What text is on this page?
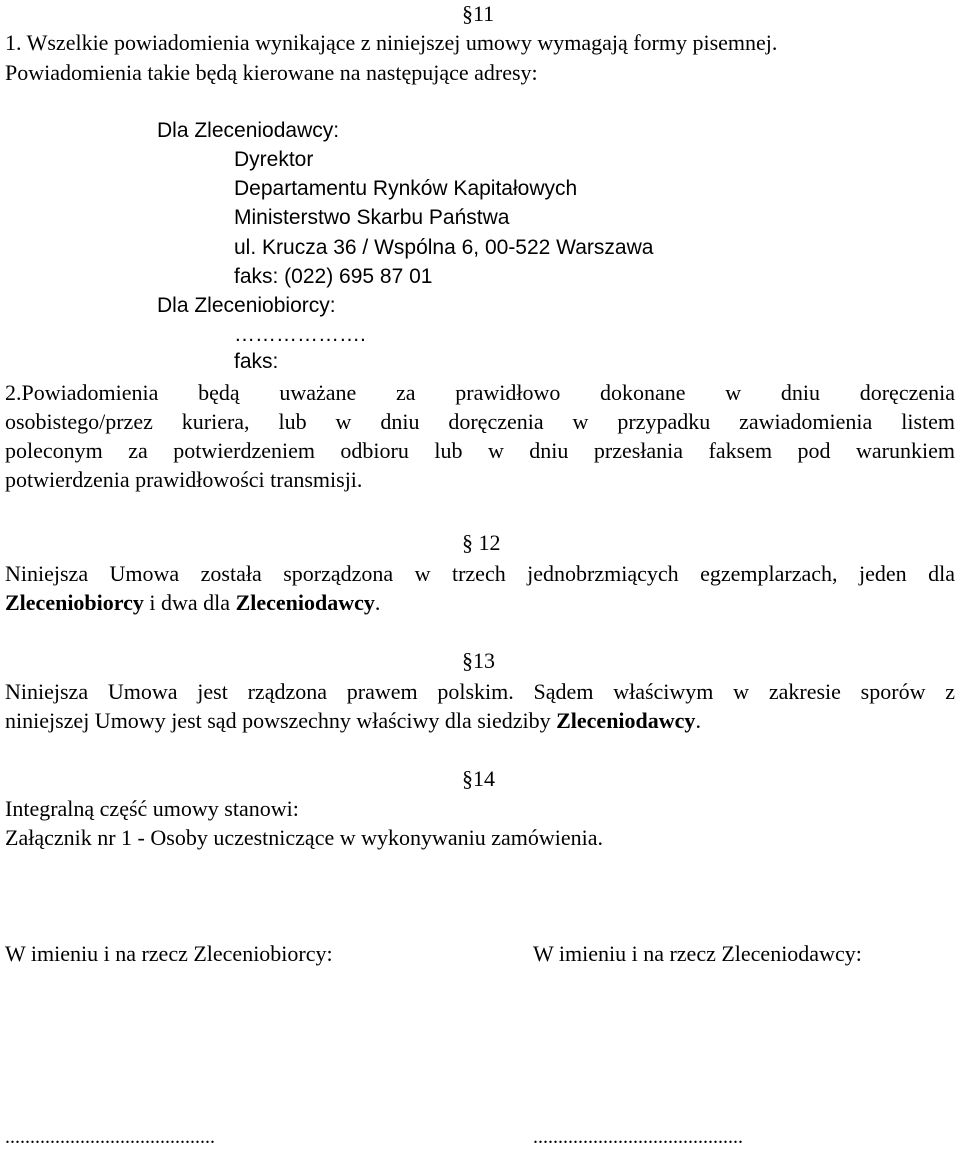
§11
1. Wszelkie powiadomienia wynikające z niniejszej umowy wymagają formy pisemnej.
Powiadomienia takie będą kierowane na następujące adresy:
Dla Zleceniodawcy:
Dyrektor
Departamentu Rynków Kapitałowych
Ministerstwo Skarbu Państwa
ul. Krucza 36 / Wspólna 6, 00-522 Warszawa
faks: (022) 695 87 01
Dla Zleceniobiorcy:
……………….
faks:
2.Powiadomienia będą uważane za prawidłowo dokonane w dniu doręczenia
osobistego/przez kuriera, lub w dniu doręczenia w przypadku zawiadomienia listem
poleconym za potwierdzeniem odbioru lub w dniu przesłania faksem pod warunkiem
potwierdzenia prawidłowości transmisji.
§ 12
Niniejsza Umowa została sporządzona w trzech jednobrzmiących egzemplarzach, jeden dla
Zleceniobiorcy i dwa dla Zleceniodawcy.
§13
Niniejsza Umowa jest rządzona prawem polskim. Sądem właściwym w zakresie sporów z
niniejszej Umowy jest sąd powszechny właściwy dla siedziby Zleceniodawcy.
§14
Integralną część umowy stanowi:
Załącznik nr 1 - Osoby uczestniczące w wykonywaniu zamówienia.
W imieniu i na rzecz Zleceniobiorcy:	W imieniu i na rzecz Zleceniodawcy:
..........................................	..........................................
